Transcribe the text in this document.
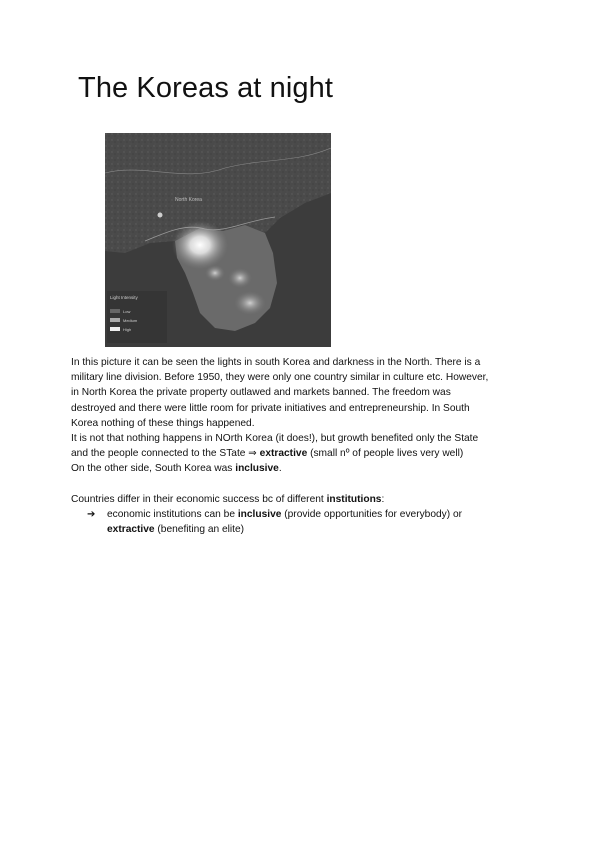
The Koreas at night
North Korea
Light Intensity
Low
Medium
High

In this picture it can be seen the lights in south Korea and darkness in the North. There is a

military line division. Before 1950, they were only one country similar in culture etc. However,

in North Korea the private property outlawed and markets banned. The freedom was

destroyed and there were little room for private initiatives and entrepreneurship. In South

Korea nothing of these things happened.

It is not that nothing happens in NOrth Korea (it does!), but growth benefited only the State

and the people connected to the STate ⇒ extractive (small nº of people lives very well)

On the other side, South Korea was inclusive.

Countries differ in their economic success bc of different institutions:

➔	economic institutions can be inclusive (provide opportunities for everybody) or
extractive (benefiting an elite)
